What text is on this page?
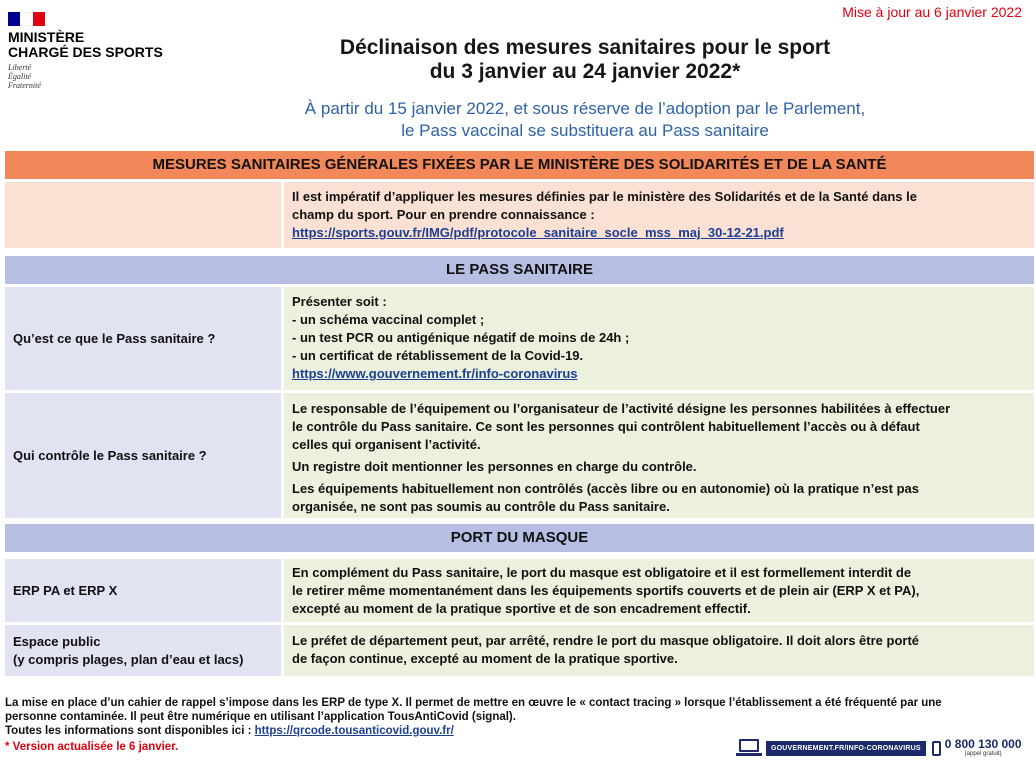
Mise à jour au 6 janvier 2022
MINISTÈRE
CHARGÉ DES SPORTS
Liberté
Égalité
Fraternité
Déclinaison des mesures sanitaires pour le sport
du 3 janvier au 24 janvier 2022*
À partir du 15 janvier 2022, et sous réserve de l’adoption par le Parlement,
le Pass vaccinal se substituera au Pass sanitaire
MESURES SANITAIRES GÉNÉRALES FIXÉES PAR LE MINISTÈRE DES SOLIDARITÉS ET DE LA SANTÉ

Il est impératif d’appliquer les mesures définies par le ministère des Solidarités et de la Santé dans le

champ du sport. Pour en prendre connaissance :

https://sports.gouv.fr/IMG/pdf/protocole_sanitaire_socle_mss_maj_30-12-21.pdf

LE PASS SANITAIRE
Qu’est ce que le Pass sanitaire ?

Présenter soit :

- un schéma vaccinal complet ;

- un test PCR ou antigénique négatif de moins de 24h ;

- un certificat de rétablissement de la Covid-19.

https://www.gouvernement.fr/info-coronavirus

Qui contrôle le Pass sanitaire ?

Le responsable de l’équipement ou l’organisateur de l’activité désigne les personnes habilitées à effectuer

le contrôle du Pass sanitaire. Ce sont les personnes qui contrôlent habituellement l’accès ou à défaut

celles qui organisent l’activité.

Un registre doit mentionner les personnes en charge du contrôle.

Les équipements habituellement non contrôlés (accès libre ou en autonomie) où la pratique n’est pas

organisée, ne sont pas soumis au contrôle du Pass sanitaire.

PORT DU MASQUE
ERP PA et ERP X

En complément du Pass sanitaire, le port du masque est obligatoire et il est formellement interdit de

le retirer même momentanément dans les équipements sportifs couverts et de plein air (ERP X et PA),

excepté au moment de la pratique sportive et de son encadrement effectif.

Espace public
(y compris plages, plan d’eau et lacs)

Le préfet de département peut, par arrêté, rendre le port du masque obligatoire. Il doit alors être porté

de façon continue, excepté au moment de la pratique sportive.

La mise en place d’un cahier de rappel s’impose dans les ERP de type X. Il permet de mettre en œuvre le « contact tracing » lorsque l’établissement a été fréquenté par une
personne contaminée. Il peut être numérique en utilisant l’application TousAntiCovid (signal).
Toutes les informations sont disponibles ici : https://qrcode.tousanticovid.gouv.fr/
* Version actualisée le 6 janvier.	GOUVERNEMENT.FR/INFO-CORONAVIRUS	0 800 130 000
(appel gratuit)
